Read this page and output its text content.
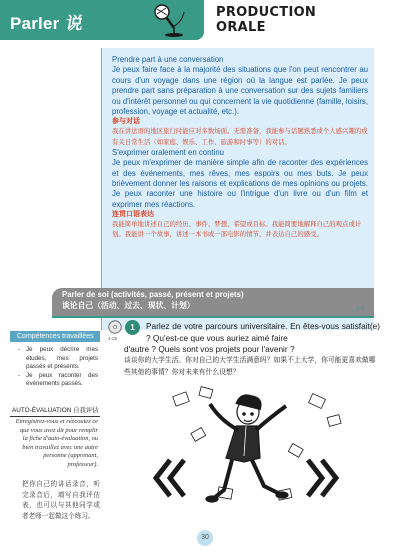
Parler 说
PRODUCTION
ORALE
Prendre part à une conversation
Je peux faire face à la majorité des situations que l'on peut rencontrer au cours d'un voyage dans une région où la langue est parlée. Je peux prendre part sans préparation à une conversation sur des sujets familiers ou d'intérêt personnel ou qui concernent la vie quotidienne (famille, loisirs, profession, voyage et actualité, etc.).
参与对话
我在讲法语的地区旅行时能应对多数场面。无需准备，我能参与话题熟悉或个人感兴趣的或有关日常生活（如家庭、娱乐、工作、旅游和时事等）的对话。
S'exprimer oralement en continu
Je peux m'exprimer de manière simple afin de raconter des expériences et des événements, mes rêves, mes espoirs ou mes buts. Je peux brièvement donner les raisons et explications de mes opinions ou projets. Je peux raconter une histoire ou l'intrigue d'un livre ou d'un film et exprimer mes réactions.
连贯口语表达
我能简单地讲述自己的经历、事件、梦想、希望或目标。我能简要地解释自己的观点或计划。我能讲一个故事，讲述一本书或一部电影的情节，并表达自己的感受。
Parler de soi (activités, passé, présent et projets)
谈论自己（活动、过去、现状、计划）	... / 5
Compétences travaillées
- Je peux décrire mes études, mes projets passés et présents.
- Je peux raconter des événements passés.
AUTO-ÉVALUATION 自我评估
Enregistrez-vous et réécoutez ce que vous avez dit pour remplir la fiche d'auto-évaluation, ou bien travaillez avec une autre personne (apprenant, professeur).
把你自己的讲话录音，听完录音后，填写自我评估表，也可以与其他同学或者老师一起做这个练习。
1-25
1	Parlez de votre parcours universitaire. En êtes-vous satisfait(e) ? Qu'est-ce que vous auriez aimé faire
d'autre ? Quels sont vos projets pour l'avenir ?
谈谈你的大学生活。你对自己的大学生活满意吗？如果不上大学，你可能更喜欢做哪些其他的事情？你对未来有什么设想？
30
